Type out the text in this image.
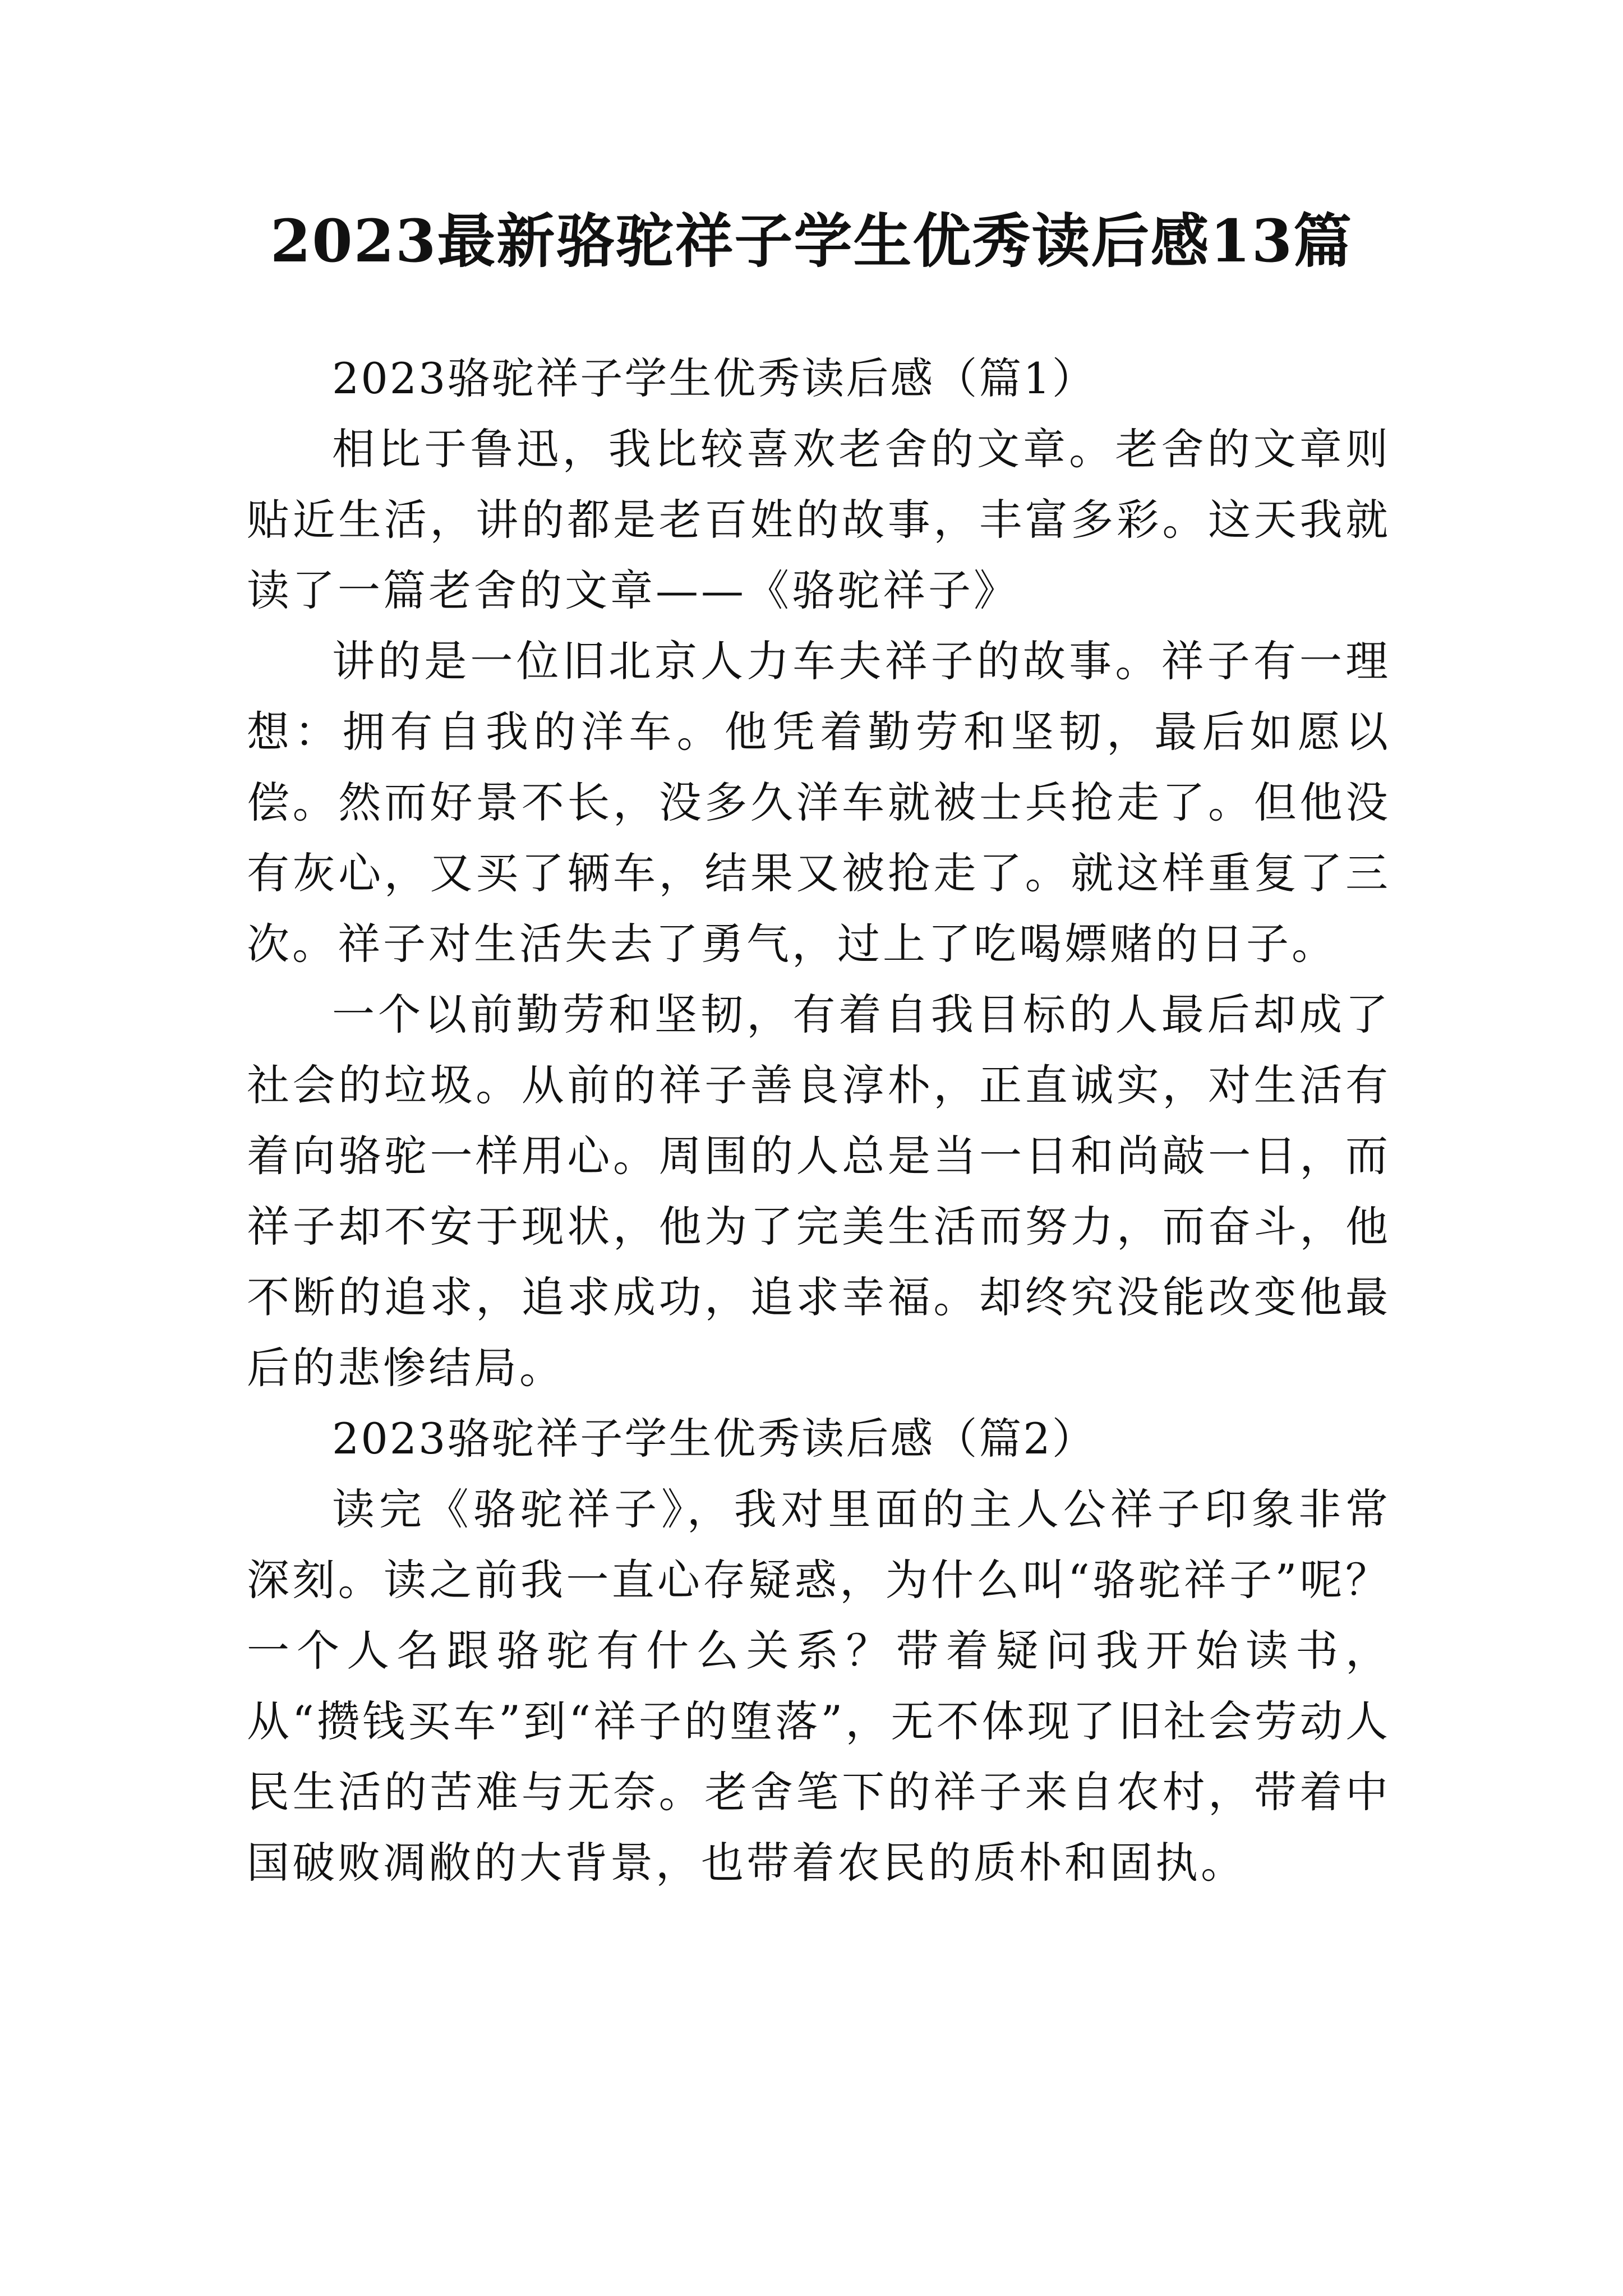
2023最新骆驼祥子学生优秀读后感13篇

2023骆驼祥子学生优秀读后感（篇1）

相比于鲁迅，我比较喜欢老舍的文章。老舍的文章则贴近生活，讲的都是老百姓的故事，丰富多彩。这天我就读了一篇老舍的文章——《骆驼祥子》

讲的是一位旧北京人力车夫祥子的故事。祥子有一理想：拥有自我的洋车。他凭着勤劳和坚韧，最后如愿以偿。然而好景不长，没多久洋车就被士兵抢走了。但他没有灰心，又买了辆车，结果又被抢走了。就这样重复了三次。祥子对生活失去了勇气，过上了吃喝嫖赌的日子。

一个以前勤劳和坚韧，有着自我目标的人最后却成了社会的垃圾。从前的祥子善良淳朴，正直诚实，对生活有着向骆驼一样用心。周围的人总是当一日和尚敲一日，而祥子却不安于现状，他为了完美生活而努力，而奋斗，他不断的追求，追求成功，追求幸福。却终究没能改变他最后的悲惨结局。

2023骆驼祥子学生优秀读后感（篇2）

读完《骆驼祥子》，我对里面的主人公祥子印象非常深刻。读之前我一直心存疑惑，为什么叫“骆驼祥子”呢？一个人名跟骆驼有什么关系？带着疑问我开始读书，从“攒钱买车”到“祥子的堕落”，无不体现了旧社会劳动人民生活的苦难与无奈。老舍笔下的祥子来自农村，带着中国破败凋敝的大背景，也带着农民的质朴和固执。
